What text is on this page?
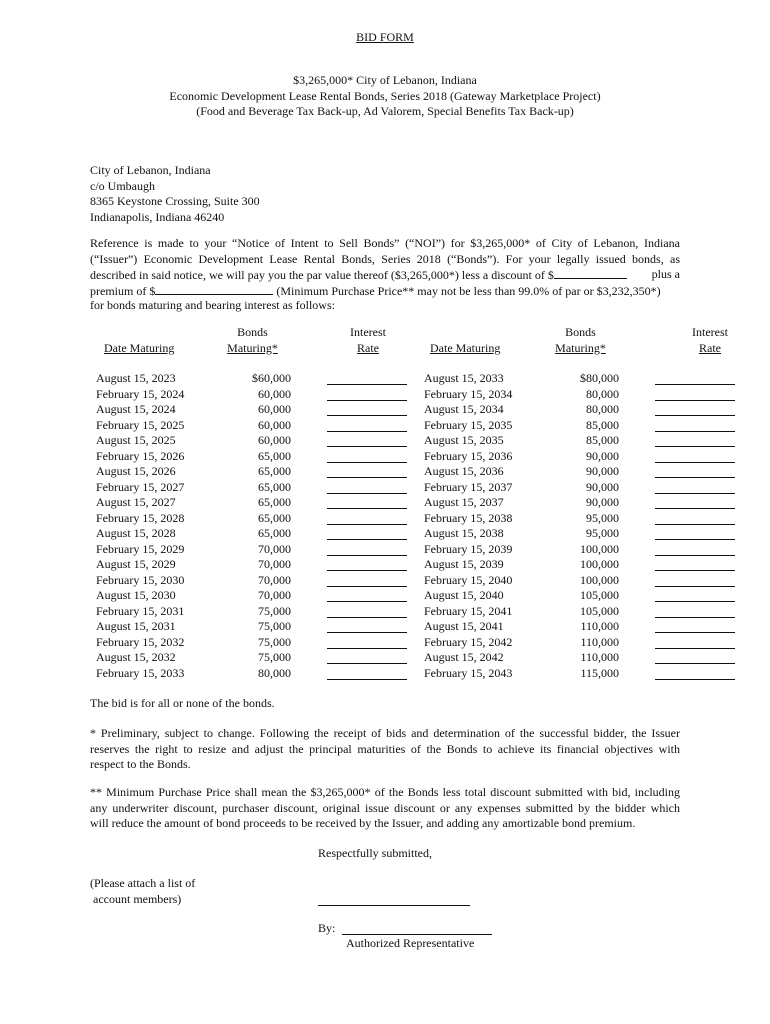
BID FORM
$3,265,000* City of Lebanon, Indiana
Economic Development Lease Rental Bonds, Series 2018 (Gateway Marketplace Project)
(Food and Beverage Tax Back-up, Ad Valorem, Special Benefits Tax Back-up)
City of Lebanon, Indiana
c/o Umbaugh
8365 Keystone Crossing, Suite 300
Indianapolis, Indiana 46240
Reference is made to your “Notice of Intent to Sell Bonds” (“NOI”) for $3,265,000* of City of Lebanon, Indiana
(“Issuer”) Economic Development Lease Rental Bonds, Series 2018 (“Bonds”). For your legally issued bonds, as
described in said notice, we will pay you the par value thereof ($3,265,000*) less a discount of $	plus a
premium of $	(Minimum Purchase Price** may not be less than 99.0% of par or $3,232,350*)
for bonds maturing and bearing interest as follows:
	Bonds	Interest
Date Maturing	Maturing*	Rate

August 15, 2023	$60,000	

February 15, 2024	60,000	

August 15, 2024	60,000	

February 15, 2025	60,000	

August 15, 2025	60,000	

February 15, 2026	65,000	

August 15, 2026	65,000	

February 15, 2027	65,000	

August 15, 2027	65,000	

February 15, 2028	65,000	

August 15, 2028	65,000	

February 15, 2029	70,000	

August 15, 2029	70,000	

February 15, 2030	70,000	

August 15, 2030	70,000	

February 15, 2031	75,000	

August 15, 2031	75,000	

February 15, 2032	75,000	

August 15, 2032	75,000	

February 15, 2033	80,000	
	Bonds	Interest
Date Maturing	Maturing*	Rate

August 15, 2033	$80,000	

February 15, 2034	80,000	

August 15, 2034	80,000	

February 15, 2035	85,000	

August 15, 2035	85,000	

February 15, 2036	90,000	

August 15, 2036	90,000	

February 15, 2037	90,000	

August 15, 2037	90,000	

February 15, 2038	95,000	

August 15, 2038	95,000	

February 15, 2039	100,000	

August 15, 2039	100,000	

February 15, 2040	100,000	

August 15, 2040	105,000	

February 15, 2041	105,000	

August 15, 2041	110,000	

February 15, 2042	110,000	

August 15, 2042	110,000	

February 15, 2043	115,000	
The bid is for all or none of the bonds.
* Preliminary, subject to change. Following the receipt of bids and determination of the successful bidder, the Issuer
reserves the right to resize and adjust the principal maturities of the Bonds to achieve its financial objectives with
respect to the Bonds.
** Minimum Purchase Price shall mean the $3,265,000* of the Bonds less total discount submitted with bid, including
any underwriter discount, purchaser discount, original issue discount or any expenses submitted by the bidder which
will reduce the amount of bond proceeds to be received by the Issuer, and adding any amortizable bond premium.
Respectfully submitted,
(Please attach a list of
account members)
By:
Authorized Representative
